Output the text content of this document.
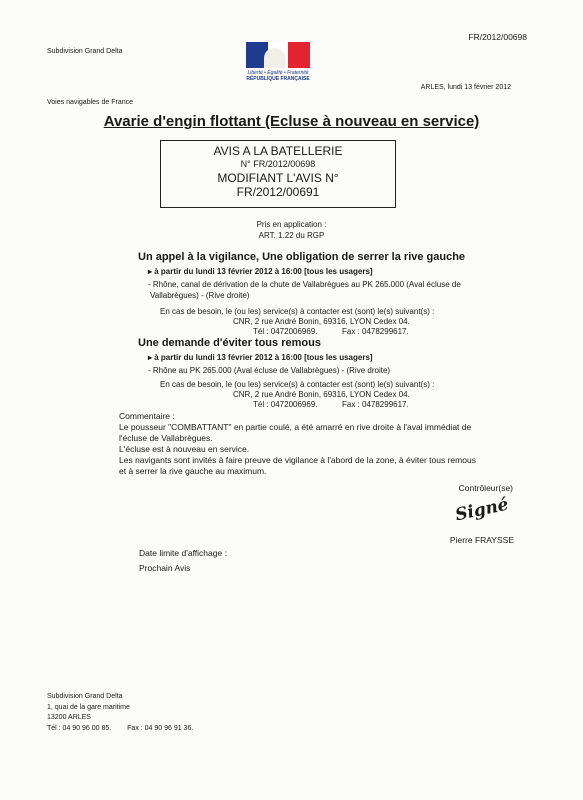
FR/2012/00698
Subdivision Grand Delta
Liberté • Égalité • Fraternité
RÉPUBLIQUE FRANÇAISE
ARLES, lundi 13 février 2012
Voies navigables de France
Avarie d'engin flottant (Ecluse à nouveau en service)
AVIS A LA BATELLERIE
N° FR/2012/00698
MODIFIANT L'AVIS N°
FR/2012/00691
Pris en application :
ART. 1.22 du RGP
Un appel à la vigilance, Une obligation de serrer la rive gauche
▸ à partir du lundi 13 février 2012 à 16:00 [tous les usagers]
- Rhône, canal de dérivation de la chute de Vallabrègues au PK 265.000 (Aval écluse de
Vallabrègues) - (Rive droite)
En cas de besoin, le (ou les) service(s) à contacter est (sont) le(s) suivant(s) :
CNR, 2 rue André Bonin, 69316, LYON Cedex 04.
Tél : 0472006969.	Fax : 0478299617.
Une demande d'éviter tous remous
▸ à partir du lundi 13 février 2012 à 16:00 [tous les usagers]
- Rhône au PK 265.000 (Aval écluse de Vallabrègues) - (Rive droite)
En cas de besoin, le (ou les) service(s) à contacter est (sont) le(s) suivant(s) :
CNR, 2 rue André Bonin, 69316, LYON Cedex 04.
Tél : 0472006969.	Fax : 0478299617.
Commentaire :
Le pousseur "COMBATTANT" en partie coulé, a été amarré en rive droite à l'aval immédiat de
l'écluse de Vallabrègues.
L'écluse est à nouveau en service.
Les navigants sont invités à faire preuve de vigilance à l'abord de la zone, à éviter tous remous
et à serrer la rive gauche au maximum.
Contrôleur(se)
Signé
Pierre FRAYSSE
Date limite d'affichage :
Prochain Avis
Subdivision Grand Delta
1, quai de la gare maritime
13200 ARLES
Tél : 04 90 96 00 85. Fax : 04 90 96 91 36.
